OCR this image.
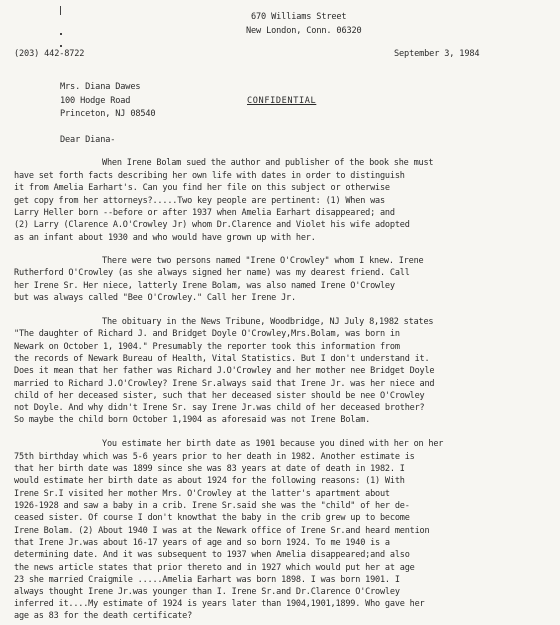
670 Williams Street
New London, Conn. 06320
(203) 442-8722	September 3, 1984
Mrs. Diana Dawes
100 Hodge Road	CONFIDENTIAL
Princeton, NJ 08540
Dear Diana-
When Irene Bolam sued the author and publisher of the book she must
have set forth facts describing her own life with dates in order to distinguish
it from Amelia Earhart's. Can you find her file on this subject or otherwise
get copy from her attorneys?.....Two key people are pertinent: (1) When was
Larry Heller born --before or after 1937 when Amelia Earhart disappeared; and
(2) Larry (Clarence A.O'Crowley Jr) whom Dr.Clarence and Violet his wife adopted
as an infant about 1930 and who would have grown up with her.
There were two persons named "Irene O'Crowley" whom I knew. Irene
Rutherford O'Crowley (as she always signed her name) was my dearest friend. Call
her Irene Sr. Her niece, latterly Irene Bolam, was also named Irene O'Crowley
but was always called "Bee O'Crowley." Call her Irene Jr.
The obituary in the News Tribune, Woodbridge, NJ July 8,1982 states
"The daughter of Richard J. and Bridget Doyle O'Crowley,Mrs.Bolam, was born in
Newark on October 1, 1904." Presumably the reporter took this information from
the records of Newark Bureau of Health, Vital Statistics. But I don't understand it.
Does it mean that her father was Richard J.O'Crowley and her mother nee Bridget Doyle
married to Richard J.O'Crowley? Irene Sr.always said that Irene Jr. was her niece and
child of her deceased sister, such that her deceased sister should be nee O'Crowley
not Doyle. And why didn't Irene Sr. say Irene Jr.was child of her deceased brother?
So maybe the child born October 1,1904 as aforesaid was not Irene Bolam.
You estimate her birth date as 1901 because you dined with her on her
75th birthday which was 5-6 years prior to her death in 1982. Another estimate is
that her birth date was 1899 since she was 83 years at date of death in 1982. I
would estimate her birth date as about 1924 for the following reasons: (1) With
Irene Sr.I visited her mother Mrs. O'Crowley at the latter's apartment about
1926-1928 and saw a baby in a crib. Irene Sr.said she was the "child" of her de-
ceased sister. Of course I don't knowthat the baby in the crib grew up to become
Irene Bolam. (2) About 1940 I was at the Newark office of Irene Sr.and heard mention
that Irene Jr.was about 16-17 years of age and so born 1924. To me 1940 is a
determining date. And it was subsequent to 1937 when Amelia disappeared;and also
the news article states that prior thereto and in 1927 which would put her at age
23 she married Craigmile .....Amelia Earhart was born 1898. I was born 1901. I
always thought Irene Jr.was younger than I. Irene Sr.and Dr.Clarence O'Crowley
inferred it....My estimate of 1924 is years later than 1904,1901,1899. Who gave her
age as 83 for the death certificate?
